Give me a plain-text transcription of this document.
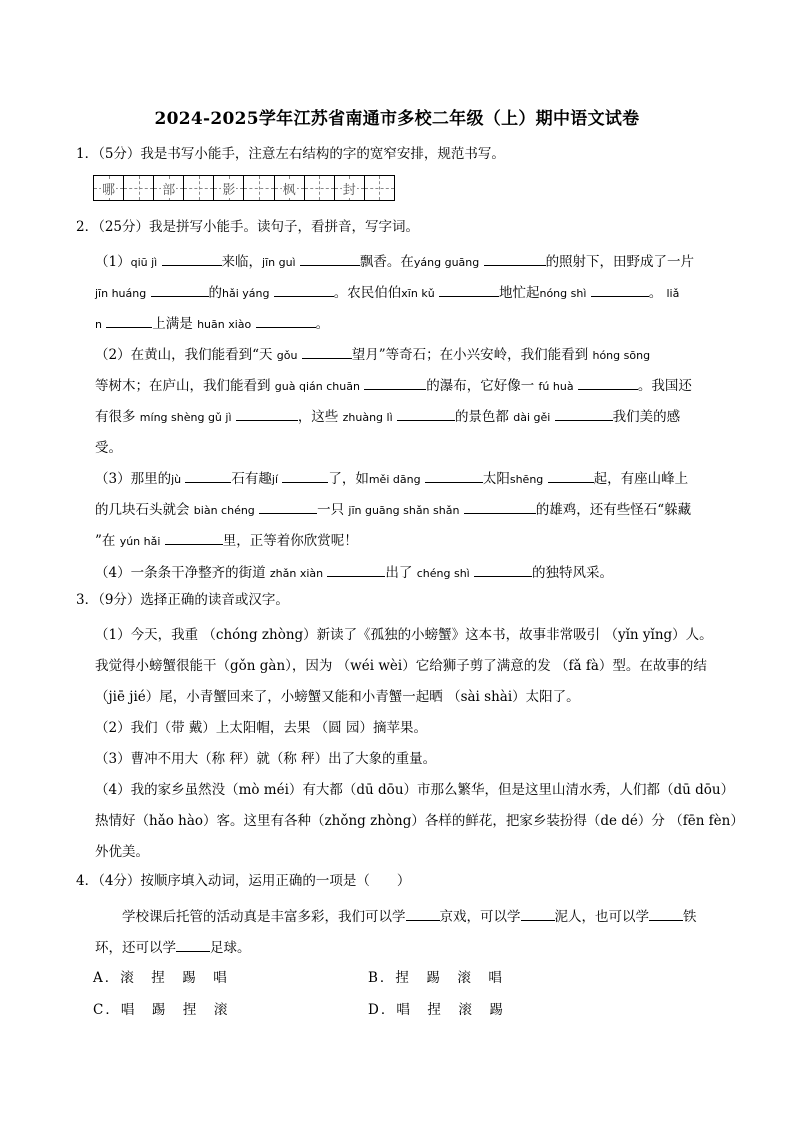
2024-2025学年江苏省南通市多校二年级（上）期中语文试卷
1．（5分）我是书写小能手，注意左右结构的字的宽窄安排，规范书写。
哪	部	影	枫	封
2．（25分）我是拼写小能手。读句子，看拼音，写字词。
（1）qiū jì	来临，jīn guì	飘香。在yáng guāng	的照射下，田野成了一片
jīn huáng	的hǎi yáng	。农民伯伯xīn kǔ	地忙起nóng shì	。 liǎ
n	上满是 huān xiào	。
（2）在黄山，我们能看到“天 gǒu	望月”等奇石；在小兴安岭，我们能看到 hóng sōng
等树木；在庐山，我们能看到 guà qián chuān	的瀑布，它好像一 fú huà	。我国还
有很多 míng shèng gǔ jì	，这些 zhuàng lì	的景色都 dài gěi	我们美的感
受。
（3）那里的jù	石有趣jí	了，如měi dāng	太阳shēng	起，有座山峰上
的几块石头就会 biàn chéng	一只 jīn guāng shǎn shǎn	的雄鸡，还有些怪石“躲藏
”在 yún hǎi	里，正等着你欣赏呢！
（4）一条条干净整齐的街道 zhǎn xiàn	出了 chéng shì	的独特风采。
3．（9分）选择正确的读音或汉字。
（1）今天，我重 （chóng zhòng）新读了《孤独的小螃蟹》这本书，故事非常吸引 （yǐn yǐng）人。
我觉得小螃蟹很能干（gǒn gàn），因为 （wéi wèi）它给狮子剪了满意的发 （fǎ fà）型。在故事的结
（jiē jié）尾，小青蟹回来了，小螃蟹又能和小青蟹一起晒 （sài shài）太阳了。
（2）我们（带 戴）上太阳帽，去果 （圆 园）摘苹果。
（3）曹冲不用大（称 秤）就（称 秤）出了大象的重量。
（4）我的家乡虽然没（mò méi）有大都（dū dōu）市那么繁华，但是这里山清水秀，人们都（dū dōu）
热情好（hǎo hào）客。这里有各种（zhǒng zhòng）各样的鲜花，把家乡装扮得（de dé）分 （fēn fèn）
外优美。
4．（4分）按顺序填入动词，运用正确的一项是（　　）
学校课后托管的活动真是丰富多彩，我们可以学	京戏，可以学	泥人，也可以学	铁
环，还可以学	足球。
A．滚　捏　踢　唱	B．捏　踢　滚　唱
C．唱　踢　捏　滚	D．唱　捏　滚　踢
